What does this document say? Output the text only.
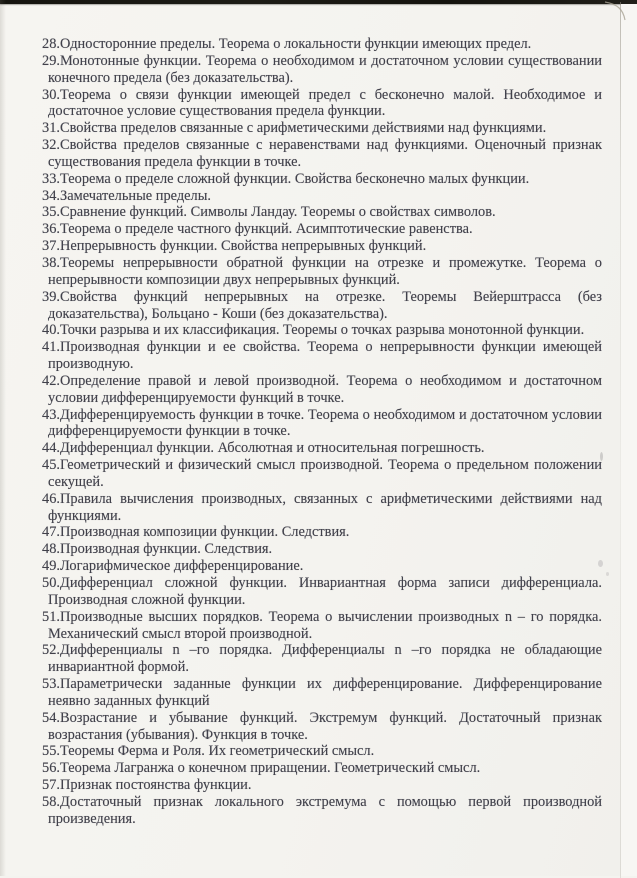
28.Односторонние пределы. Теорема о локальности функции имеющих предел.

29.Монотонные функции. Теорема о необходимом и достаточном условии существовании конечного предела (без доказательства).

30.Теорема о связи функции имеющей предел с бесконечно малой. Необходимое и достаточное условие существования предела функции.

31.Свойства пределов связанные с арифметическими действиями над функциями.

32.Свойства пределов связанные с неравенствами над функциями. Оценочный признак существования предела функции в точке.

33.Теорема о пределе сложной функции. Свойства бесконечно малых функции.

34.Замечательные пределы.

35.Сравнение функций. Символы Ландау. Теоремы о свойствах символов.

36.Теорема о пределе частного функций. Асимптотические равенства.

37.Непрерывность функции. Свойства непрерывных функций.

38.Теоремы непрерывности обратной функции на отрезке и промежутке. Теорема о непрерывности композиции двух непрерывных функций.

39.Свойства функций непрерывных на отрезке. Теоремы Вейерштрасса (без доказательства), Больцано - Коши (без доказательства).

40.Точки разрыва и их классификация. Теоремы о точках разрыва монотонной функции.

41.Производная функции и ее свойства. Теорема о непрерывности функции имеющей производную.

42.Определение правой и левой производной. Теорема о необходимом и достаточном условии дифференцируемости функций в точке.

43.Дифференцируемость функции в точке. Теорема о необходимом и достаточном условии дифференцируемости функции в точке.

44.Дифференциал функции. Абсолютная и относительная погрешность.

45.Геометрический и физический смысл производной. Теорема о предельном положении секущей.

46.Правила вычисления производных, связанных с арифметическими действиями над функциями.

47.Производная композиции функции. Следствия.

48.Производная функции. Следствия.

49.Логарифмическое дифференцирование.

50.Дифференциал сложной функции. Инвариантная форма записи дифференциала. Производная сложной функции.

51.Производные высших порядков. Теорема о вычислении производных n – го порядка. Механический смысл второй производной.

52.Дифференциалы n –го порядка. Дифференциалы n –го порядка не обладающие инвариантной формой.

53.Параметрически заданные функции их дифференцирование. Дифференцирование неявно заданных функций

54.Возрастание и убывание функций. Экстремум функций. Достаточный признак возрастания (убывания). Функция в точке.

55.Теоремы Ферма и Роля. Их геометрический смысл.

56.Теорема Лагранжа о конечном приращении. Геометрический смысл.

57.Признак постоянства функции.

58.Достаточный признак локального экстремума с помощью первой производной произведения.
